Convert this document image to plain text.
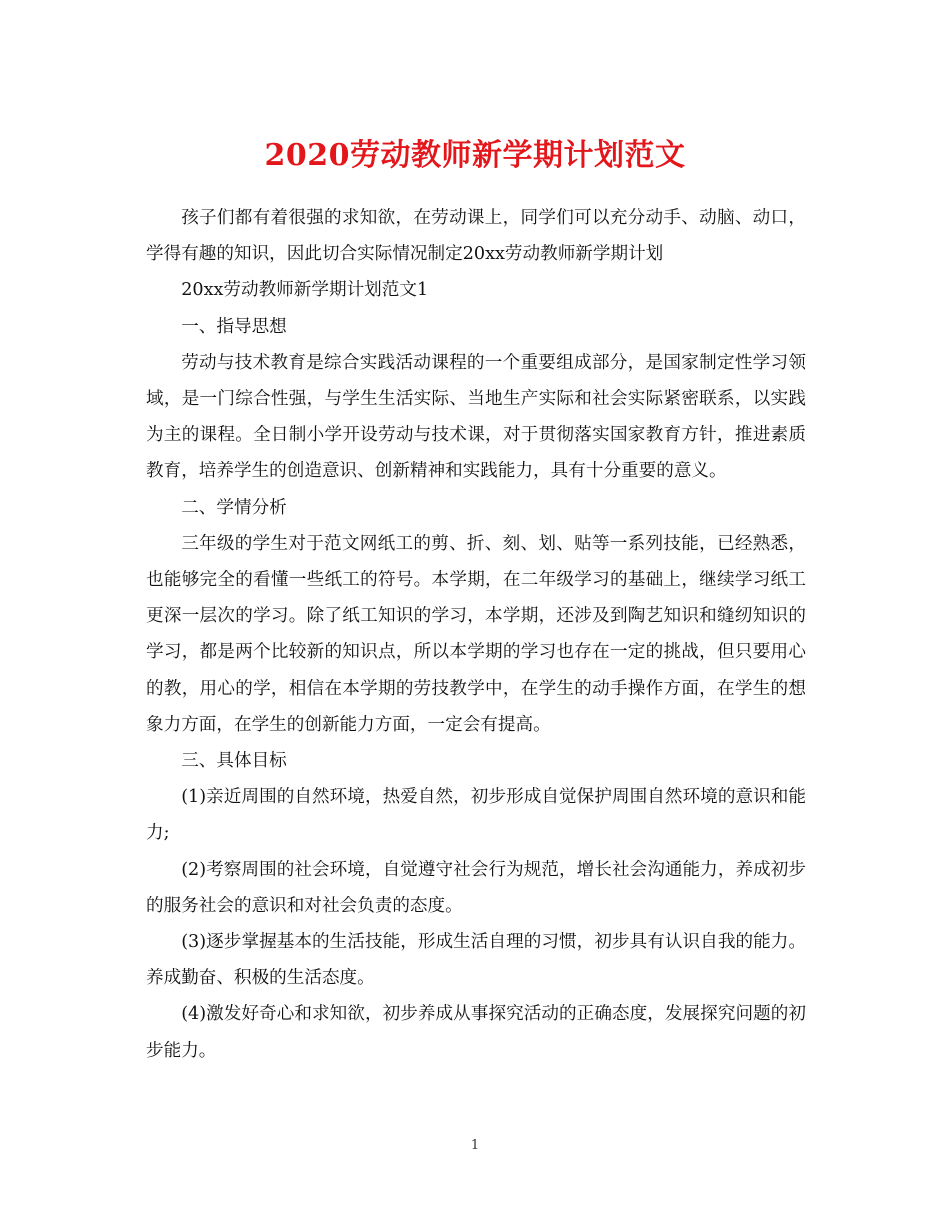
2020劳动教师新学期计划范文

孩子们都有着很强的求知欲，在劳动课上，同学们可以充分动手、动脑、动口，学得有趣的知识，因此切合实际情况制定20xx劳动教师新学期计划

20xx劳动教师新学期计划范文1

一、指导思想

劳动与技术教育是综合实践活动课程的一个重要组成部分，是国家制定性学习领域，是一门综合性强，与学生生活实际、当地生产实际和社会实际紧密联系，以实践为主的课程。全日制小学开设劳动与技术课，对于贯彻落实国家教育方针，推进素质教育，培养学生的创造意识、创新精神和实践能力，具有十分重要的意义。

二、学情分析

三年级的学生对于范文网纸工的剪、折、刻、划、贴等一系列技能，已经熟悉，也能够完全的看懂一些纸工的符号。本学期，在二年级学习的基础上，继续学习纸工更深一层次的学习。除了纸工知识的学习，本学期，还涉及到陶艺知识和缝纫知识的学习，都是两个比较新的知识点，所以本学期的学习也存在一定的挑战，但只要用心的教，用心的学，相信在本学期的劳技教学中，在学生的动手操作方面，在学生的想象力方面，在学生的创新能力方面，一定会有提高。

三、具体目标

(1)亲近周围的自然环境，热爱自然，初步形成自觉保护周围自然环境的意识和能力;

(2)考察周围的社会环境，自觉遵守社会行为规范，增长社会沟通能力，养成初步的服务社会的意识和对社会负责的态度。

(3)逐步掌握基本的生活技能，形成生活自理的习惯，初步具有认识自我的能力。养成勤奋、积极的生活态度。

(4)激发好奇心和求知欲，初步养成从事探究活动的正确态度，发展探究问题的初步能力。

1
